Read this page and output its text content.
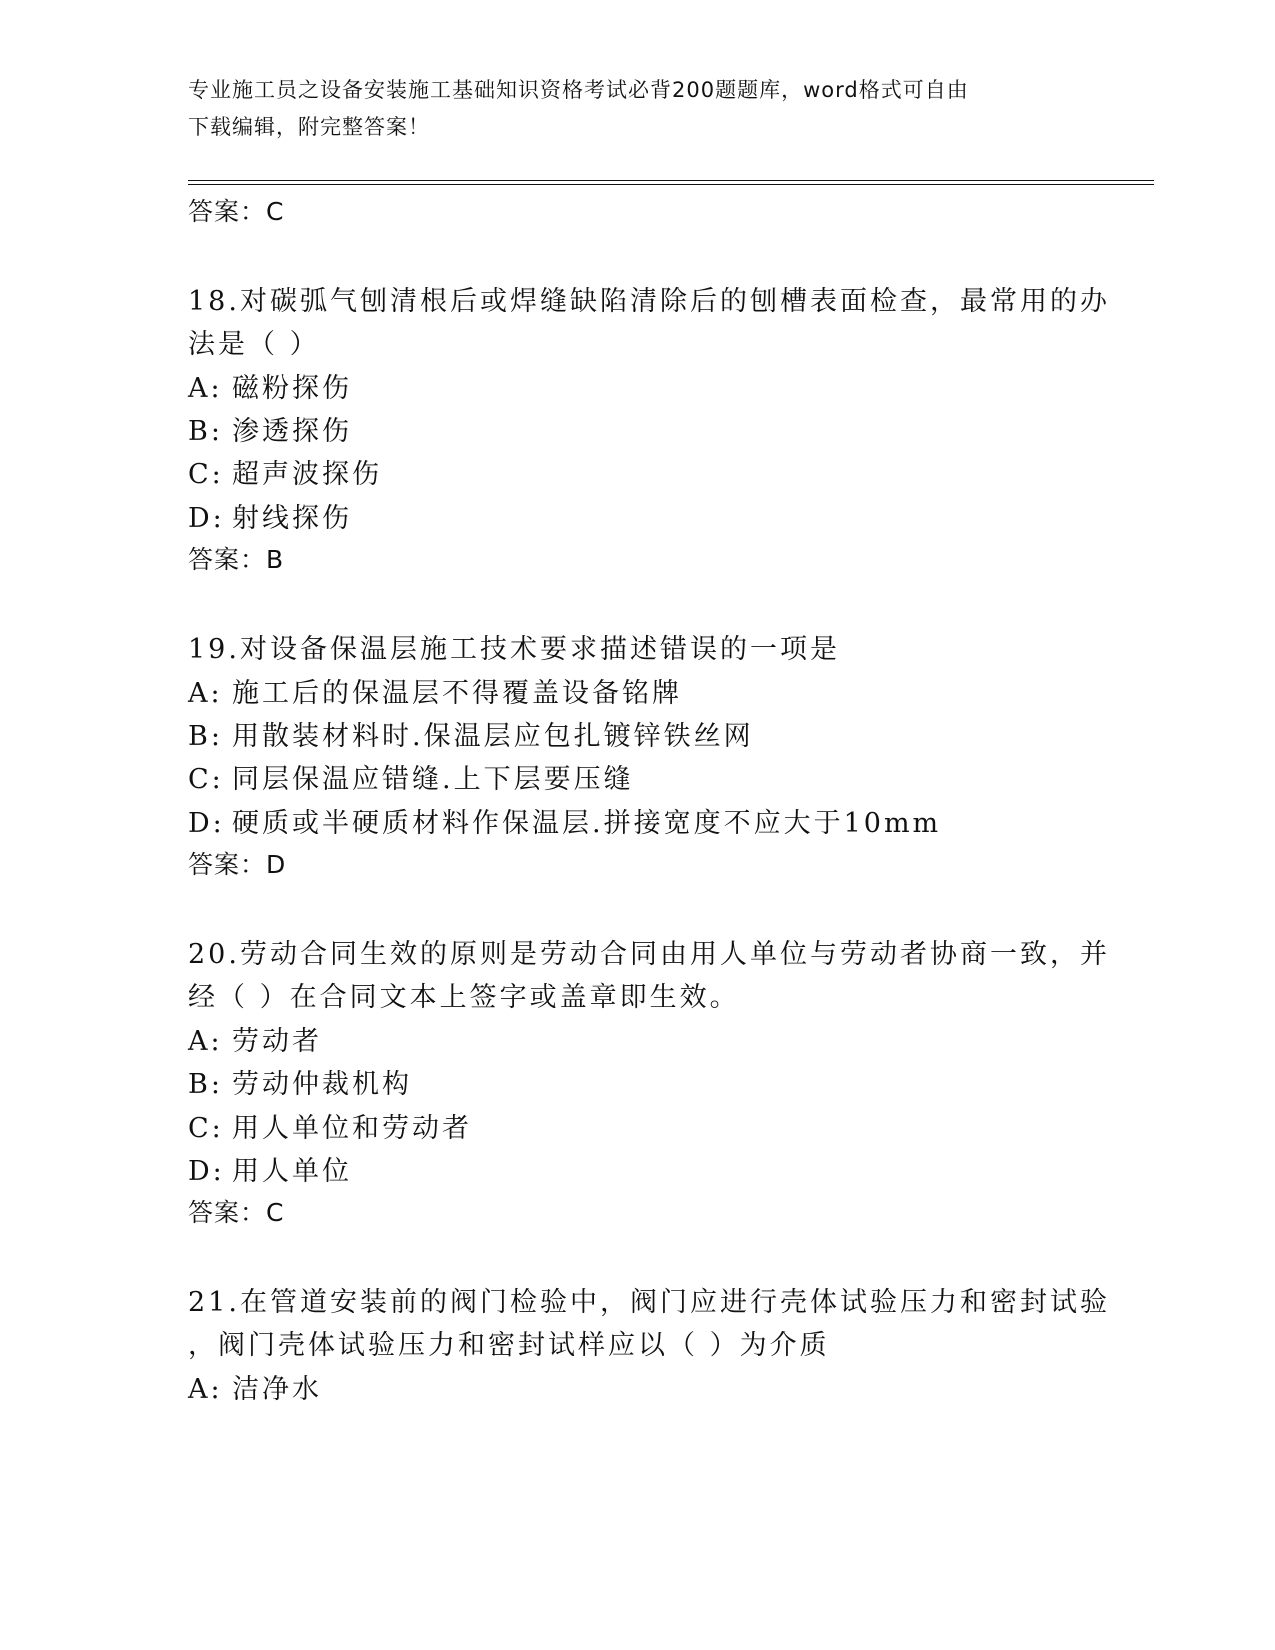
专业施工员之设备安装施工基础知识资格考试必背200题题库，word格式可自由
下载编辑，附完整答案！
答案：C
18.对碳弧气刨清根后或焊缝缺陷清除后的刨槽表面检查，最常用的办
法是（ ）
A: 磁粉探伤
B: 渗透探伤
C: 超声波探伤
D: 射线探伤
答案：B
19.对设备保温层施工技术要求描述错误的一项是
A: 施工后的保温层不得覆盖设备铭牌
B: 用散装材料时.保温层应包扎镀锌铁丝网
C: 同层保温应错缝.上下层要压缝
D: 硬质或半硬质材料作保温层.拼接宽度不应大于10mm
答案：D
20.劳动合同生效的原则是劳动合同由用人单位与劳动者协商一致，并
经（ ）在合同文本上签字或盖章即生效。
A: 劳动者
B: 劳动仲裁机构
C: 用人单位和劳动者
D: 用人单位
答案：C
21.在管道安装前的阀门检验中，阀门应进行壳体试验压力和密封试验
，阀门壳体试验压力和密封试样应以（ ）为介质
A: 洁净水
